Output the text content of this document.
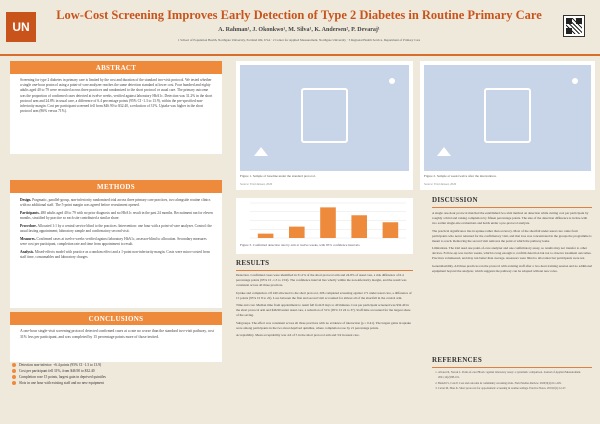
UN
Low-Cost Screening Improves Early Detection of Type 2 Diabetes in Routine Primary Care
A. Rahman¹, J. Okonkwo¹, M. Silva¹, K. Andersen², P. Devaraj¹
1 School of Population Health, Northgate University, Portland OR, USA · 2 Center for Applied Measurement, Northgate University · 3 Regional Health Service, Department of Primary Care
ABSTRACT
Screening for type 2 diabetes in primary care is limited by the cost and duration of the standard two-visit protocol. We tested whether a single one-hour protocol using a point-of-care analyzer reaches the same detection standard at lower cost. Four hundred and eighty adults aged 40 to 79 were recruited across three practices and randomized to the short protocol or usual care. The primary outcome was the proportion of confirmed cases detected at twelve weeks, verified against laboratory HbA1c. Detection was 31.2% in the short protocol arm and 24.8% in usual care, a difference of 6.4 percentage points (95% CI -1.3 to 13.9), within the pre-specified non-inferiority margin. Cost per participant screened fell from $46.90 to $32.40, a reduction of 31%. Uptake was higher in the short protocol arm (86% versus 71%).
Figure 1. Sample of baseline under the standard protocol.
Source: Trial dataset, 2026
Figure 2. Sample at week twelve after the intervention.
Source: Trial dataset, 2026
METHODS
Design. Pragmatic, parallel-group, non-inferiority randomized trial across three primary care practices, two alongside routine clinics with no additional staff. The 5-point margin was agreed before recruitment opened.
Participants. 480 adults aged 40 to 79 with no prior diagnosis and no HbA1c result in the past 24 months. Recruitment ran for eleven months, stratified by practice so each site contributed a similar share.
Procedure. Allocated 1:1 by a central service blind to the practices. Intervention: one hour with a point-of-care analyzer. Control: the usual fasting appointment; laboratory sample and confirmatory second visit.
Measures. Confirmed cases at twelve weeks verified against laboratory HbA1c, assessor-blind to allocation. Secondary measures were cost per participant, completion rate and time from appointment to result.
Analysis. Mixed-effects model with practice as a random effect and a 1-point non-inferiority margin. Costs were micro-costed from staff time, consumables and laboratory charges.
Figure 3. Confirmed detection rate by arm at twelve weeks, with 95% confidence intervals.
RESULTS
Detection. Confirmed cases were identified in 31.2% of the short protocol arm and 24.8% of usual care, a risk difference of 6.4 percentage points (95% CI -1.3 to 13.9). The confidence interval lies wholly within the non-inferiority margin, and the result was consistent across all three practices.
Uptake and completion. Of 240 allocated to the short protocol, 206 completed screening against 171 under usual care, a difference of 15 points (95% CI 8 to 22). Loss between the first and second visit accounted for almost all of the shortfall in the control arm.
Time and cost. Median time from appointment to result fell from 8 days to 40 minutes. Cost per participant screened was $32.40 in the short protocol arm and $46.90 under usual care, a reduction of 31% (95% CI 24 to 37). Staff time accounted for the largest share of the saving.
Subgroups. The effect was consistent across all three practices with no evidence of interaction (p = 0.41). The largest gains in uptake were among participants in the two most deprived quintiles, where completion rose by 21 percentage points.
Acceptability. Mean acceptability was 4.6 of 5 in the short protocol arm and 3.9 in usual care.
DISCUSSION
A single one-hour protocol matched the established two-visit method on detection while cutting cost per participant by roughly a third and raising completion by fifteen percentage points. The size of the detection difference is in line with two earlier single-site evaluations and holds under a pre-protocol analysis.
The practical significance lies in uptake rather than accuracy. Most of the shortfall under usual care came from participants who never returned for the confirmatory visit, and that loss was concentrated in the groups the programme is meant to reach. Removing the second visit removes the point at which the pathway leaks.
Limitations. The trial used one point-of-care analyzer and one confirmatory assay, so results may not transfer to other devices. Follow-up was twelve weeks, which is long enough to confirm detection but not to observe treatment outcomes. Practices volunteered, and may run better than average. Assessors were blind to allocation but participants were not.
Generalisability. All three practices ran the protocol with existing staff after a two-hour training session and no additional equipment beyond the analyzer, which suggests the pathway can be adopted without new roles.
REFERENCES
1. Alvarez R, Novak L. Point-of-care HbA1c against laboratory assay: a systematic comparison. Journal of Applied Measurement. 2021;14(2):88-101.
2. Bianchi S, Cole P. Cost and outcome in community screening trials. Field Studies Review. 2020;9(4):211-229.
3. Carter M, Haas K. Short protocols for opportunistic screening in routine settings. Practice Notes. 2019;6(1):12-27.
CONCLUSIONS
A one-hour single-visit screening protocol detected confirmed cases at a rate no worse than the standard two-visit pathway, cost 31% less per participant, and was completed by 15 percentage points more of those invited.
Detection non-inferior: +6.4 points (95% CI -1.3 to 13.9)
Cost per participant fell 31%, from $46.90 to $32.40
Completion rose 15 points, largest gain in deprived quintiles
Slots in one hour with existing staff and no new equipment
